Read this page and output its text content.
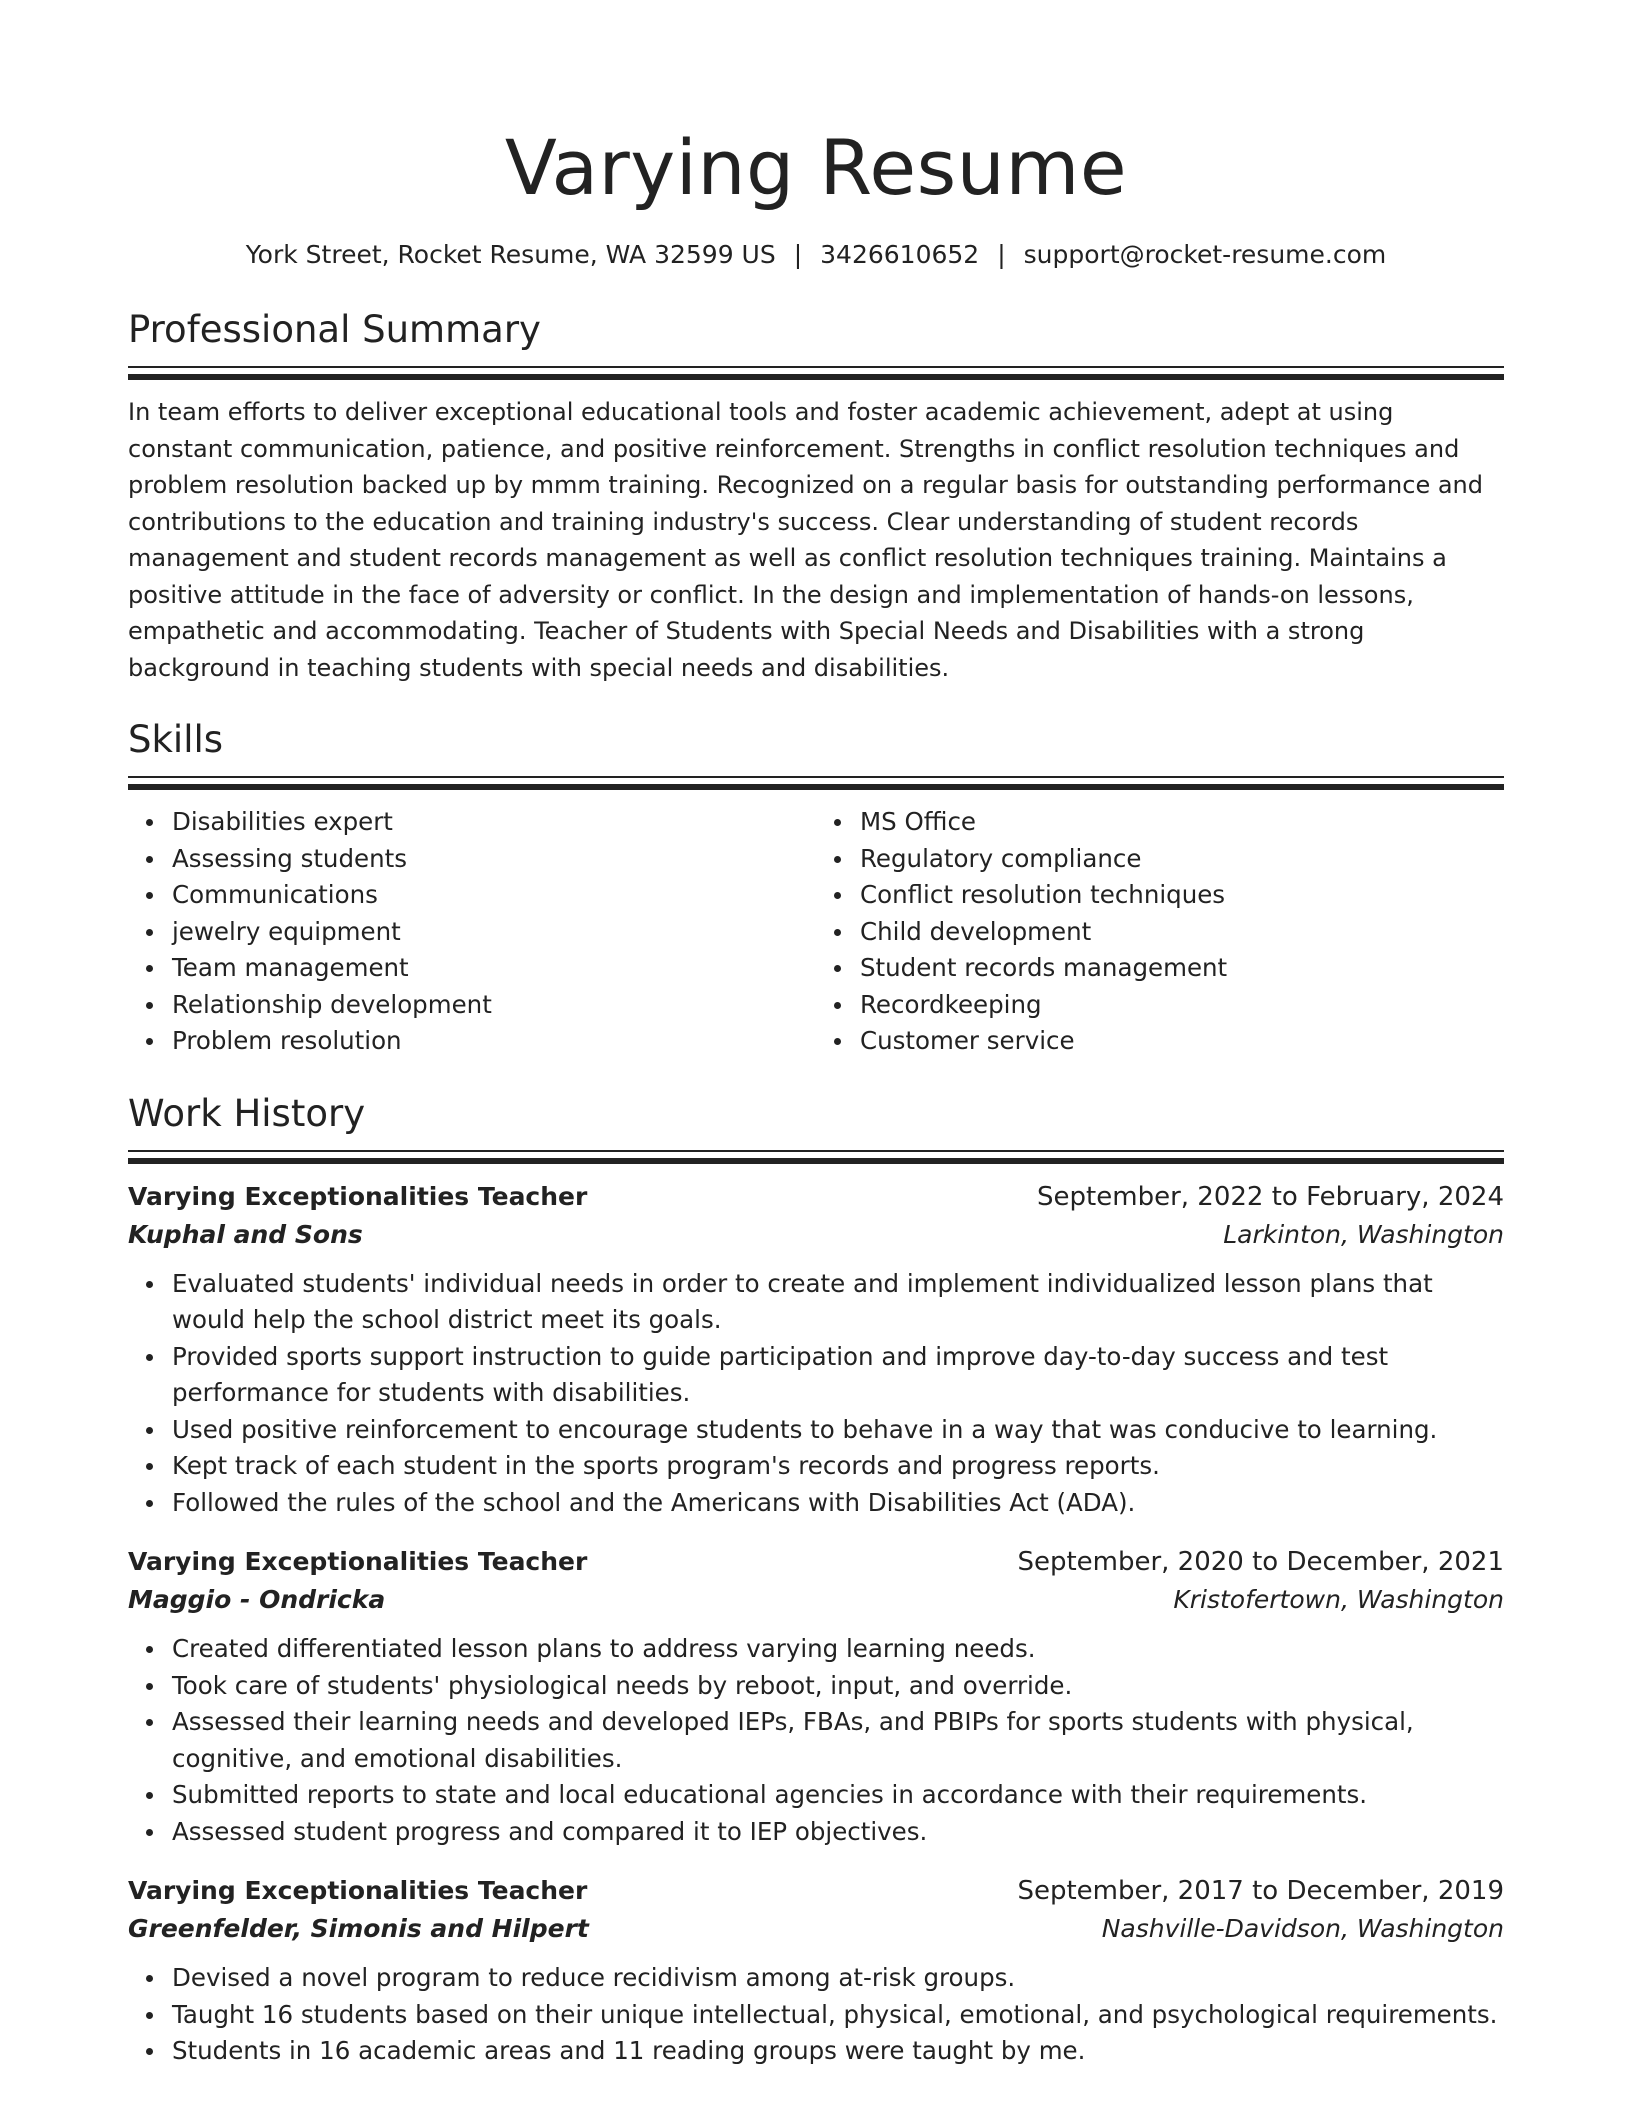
Varying Resume
York Street, Rocket Resume, WA 32599 US | 3426610652 | support@rocket-resume.com
Professional Summary

In team efforts to deliver exceptional educational tools and foster academic achievement, adept at using constant communication, patience, and positive reinforcement. Strengths in conflict resolution techniques and problem resolution backed up by mmm training. Recognized on a regular basis for outstanding performance and contributions to the education and training industry's success. Clear understanding of student records management and student records management as well as conflict resolution techniques training. Maintains a positive attitude in the face of adversity or conflict. In the design and implementation of hands-on lessons, empathetic and accommodating. Teacher of Students with Special Needs and Disabilities with a strong background in teaching students with special needs and disabilities.

Skills
Disabilities expert
Assessing students
Communications
jewelry equipment
Team management
Relationship development
Problem resolution
MS Office
Regulatory compliance
Conflict resolution techniques
Child development
Student records management
Recordkeeping
Customer service
Work History
Varying Exceptionalities Teacher	September, 2022 to February, 2024
Kuphal and Sons	Larkinton, Washington
Evaluated students' individual needs in order to create and implement individualized lesson plans that would help the school district meet its goals.
Provided sports support instruction to guide participation and improve day-to-day success and test performance for students with disabilities.
Used positive reinforcement to encourage students to behave in a way that was conducive to learning.
Kept track of each student in the sports program's records and progress reports.
Followed the rules of the school and the Americans with Disabilities Act (ADA).
Varying Exceptionalities Teacher	September, 2020 to December, 2021
Maggio - Ondricka	Kristofertown, Washington
Created differentiated lesson plans to address varying learning needs.
Took care of students' physiological needs by reboot, input, and override.
Assessed their learning needs and developed IEPs, FBAs, and PBIPs for sports students with physical, cognitive, and emotional disabilities.
Submitted reports to state and local educational agencies in accordance with their requirements.
Assessed student progress and compared it to IEP objectives.
Varying Exceptionalities Teacher	September, 2017 to December, 2019
Greenfelder, Simonis and Hilpert	Nashville-Davidson, Washington
Devised a novel program to reduce recidivism among at-risk groups.
Taught 16 students based on their unique intellectual, physical, emotional, and psychological requirements.
Students in 16 academic areas and 11 reading groups were taught by me.
